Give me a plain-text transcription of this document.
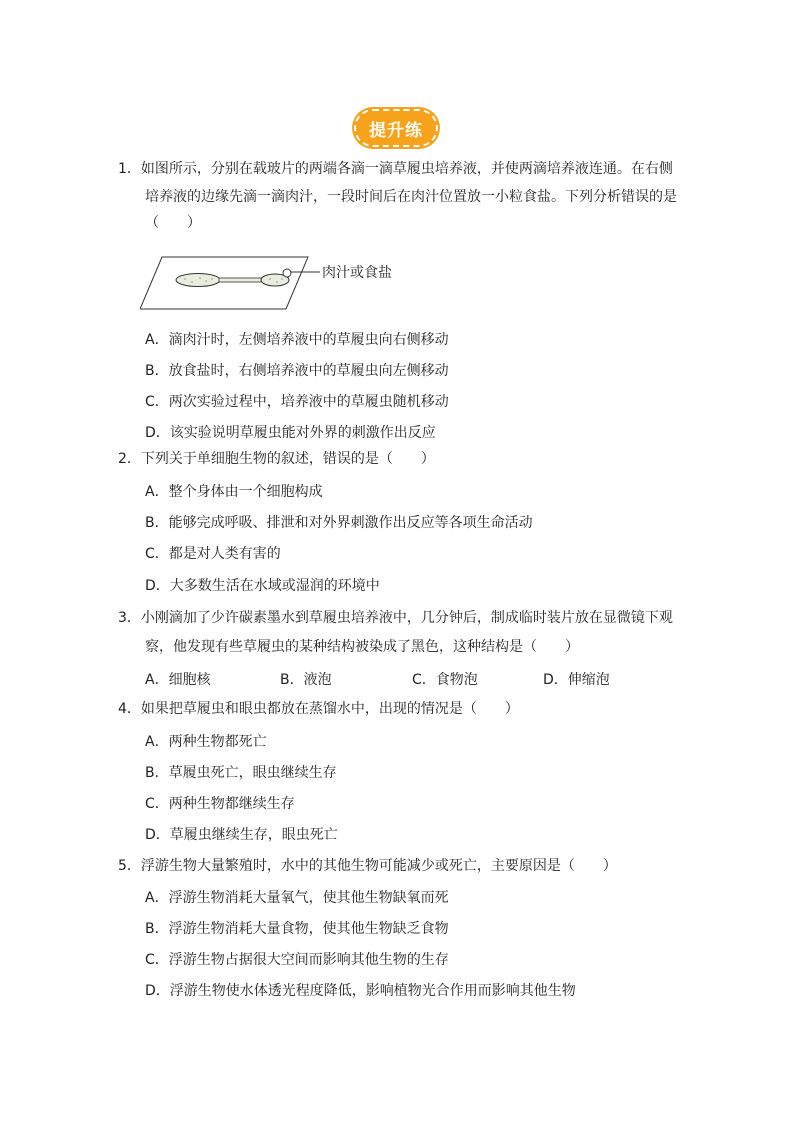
提升练
1．如图所示，分别在载玻片的两端各滴一滴草履虫培养液，并使两滴培养液连通。在右侧
培养液的边缘先滴一滴肉汁，一段时间后在肉汁位置放一小粒食盐。下列分析错误的是
（　　）
肉汁或食盐
A．滴肉汁时，左侧培养液中的草履虫向右侧移动
B．放食盐时，右侧培养液中的草履虫向左侧移动
C．两次实验过程中，培养液中的草履虫随机移动
D．该实验说明草履虫能对外界的刺激作出反应
2．下列关于单细胞生物的叙述，错误的是（　　）
A．整个身体由一个细胞构成
B．能够完成呼吸、排泄和对外界刺激作出反应等各项生命活动
C．都是对人类有害的
D．大多数生活在水域或湿润的环境中
3．小刚滴加了少许碳素墨水到草履虫培养液中，几分钟后，制成临时装片放在显微镜下观
察，他发现有些草履虫的某种结构被染成了黑色，这种结构是（　　）
A．细胞核	B．液泡	C．食物泡	D．伸缩泡
4．如果把草履虫和眼虫都放在蒸馏水中，出现的情况是（　　）
A．两种生物都死亡
B．草履虫死亡，眼虫继续生存
C．两种生物都继续生存
D．草履虫继续生存，眼虫死亡
5．浮游生物大量繁殖时，水中的其他生物可能减少或死亡，主要原因是（　　）
A．浮游生物消耗大量氧气，使其他生物缺氧而死
B．浮游生物消耗大量食物，使其他生物缺乏食物
C．浮游生物占据很大空间而影响其他生物的生存
D．浮游生物使水体透光程度降低，影响植物光合作用而影响其他生物
